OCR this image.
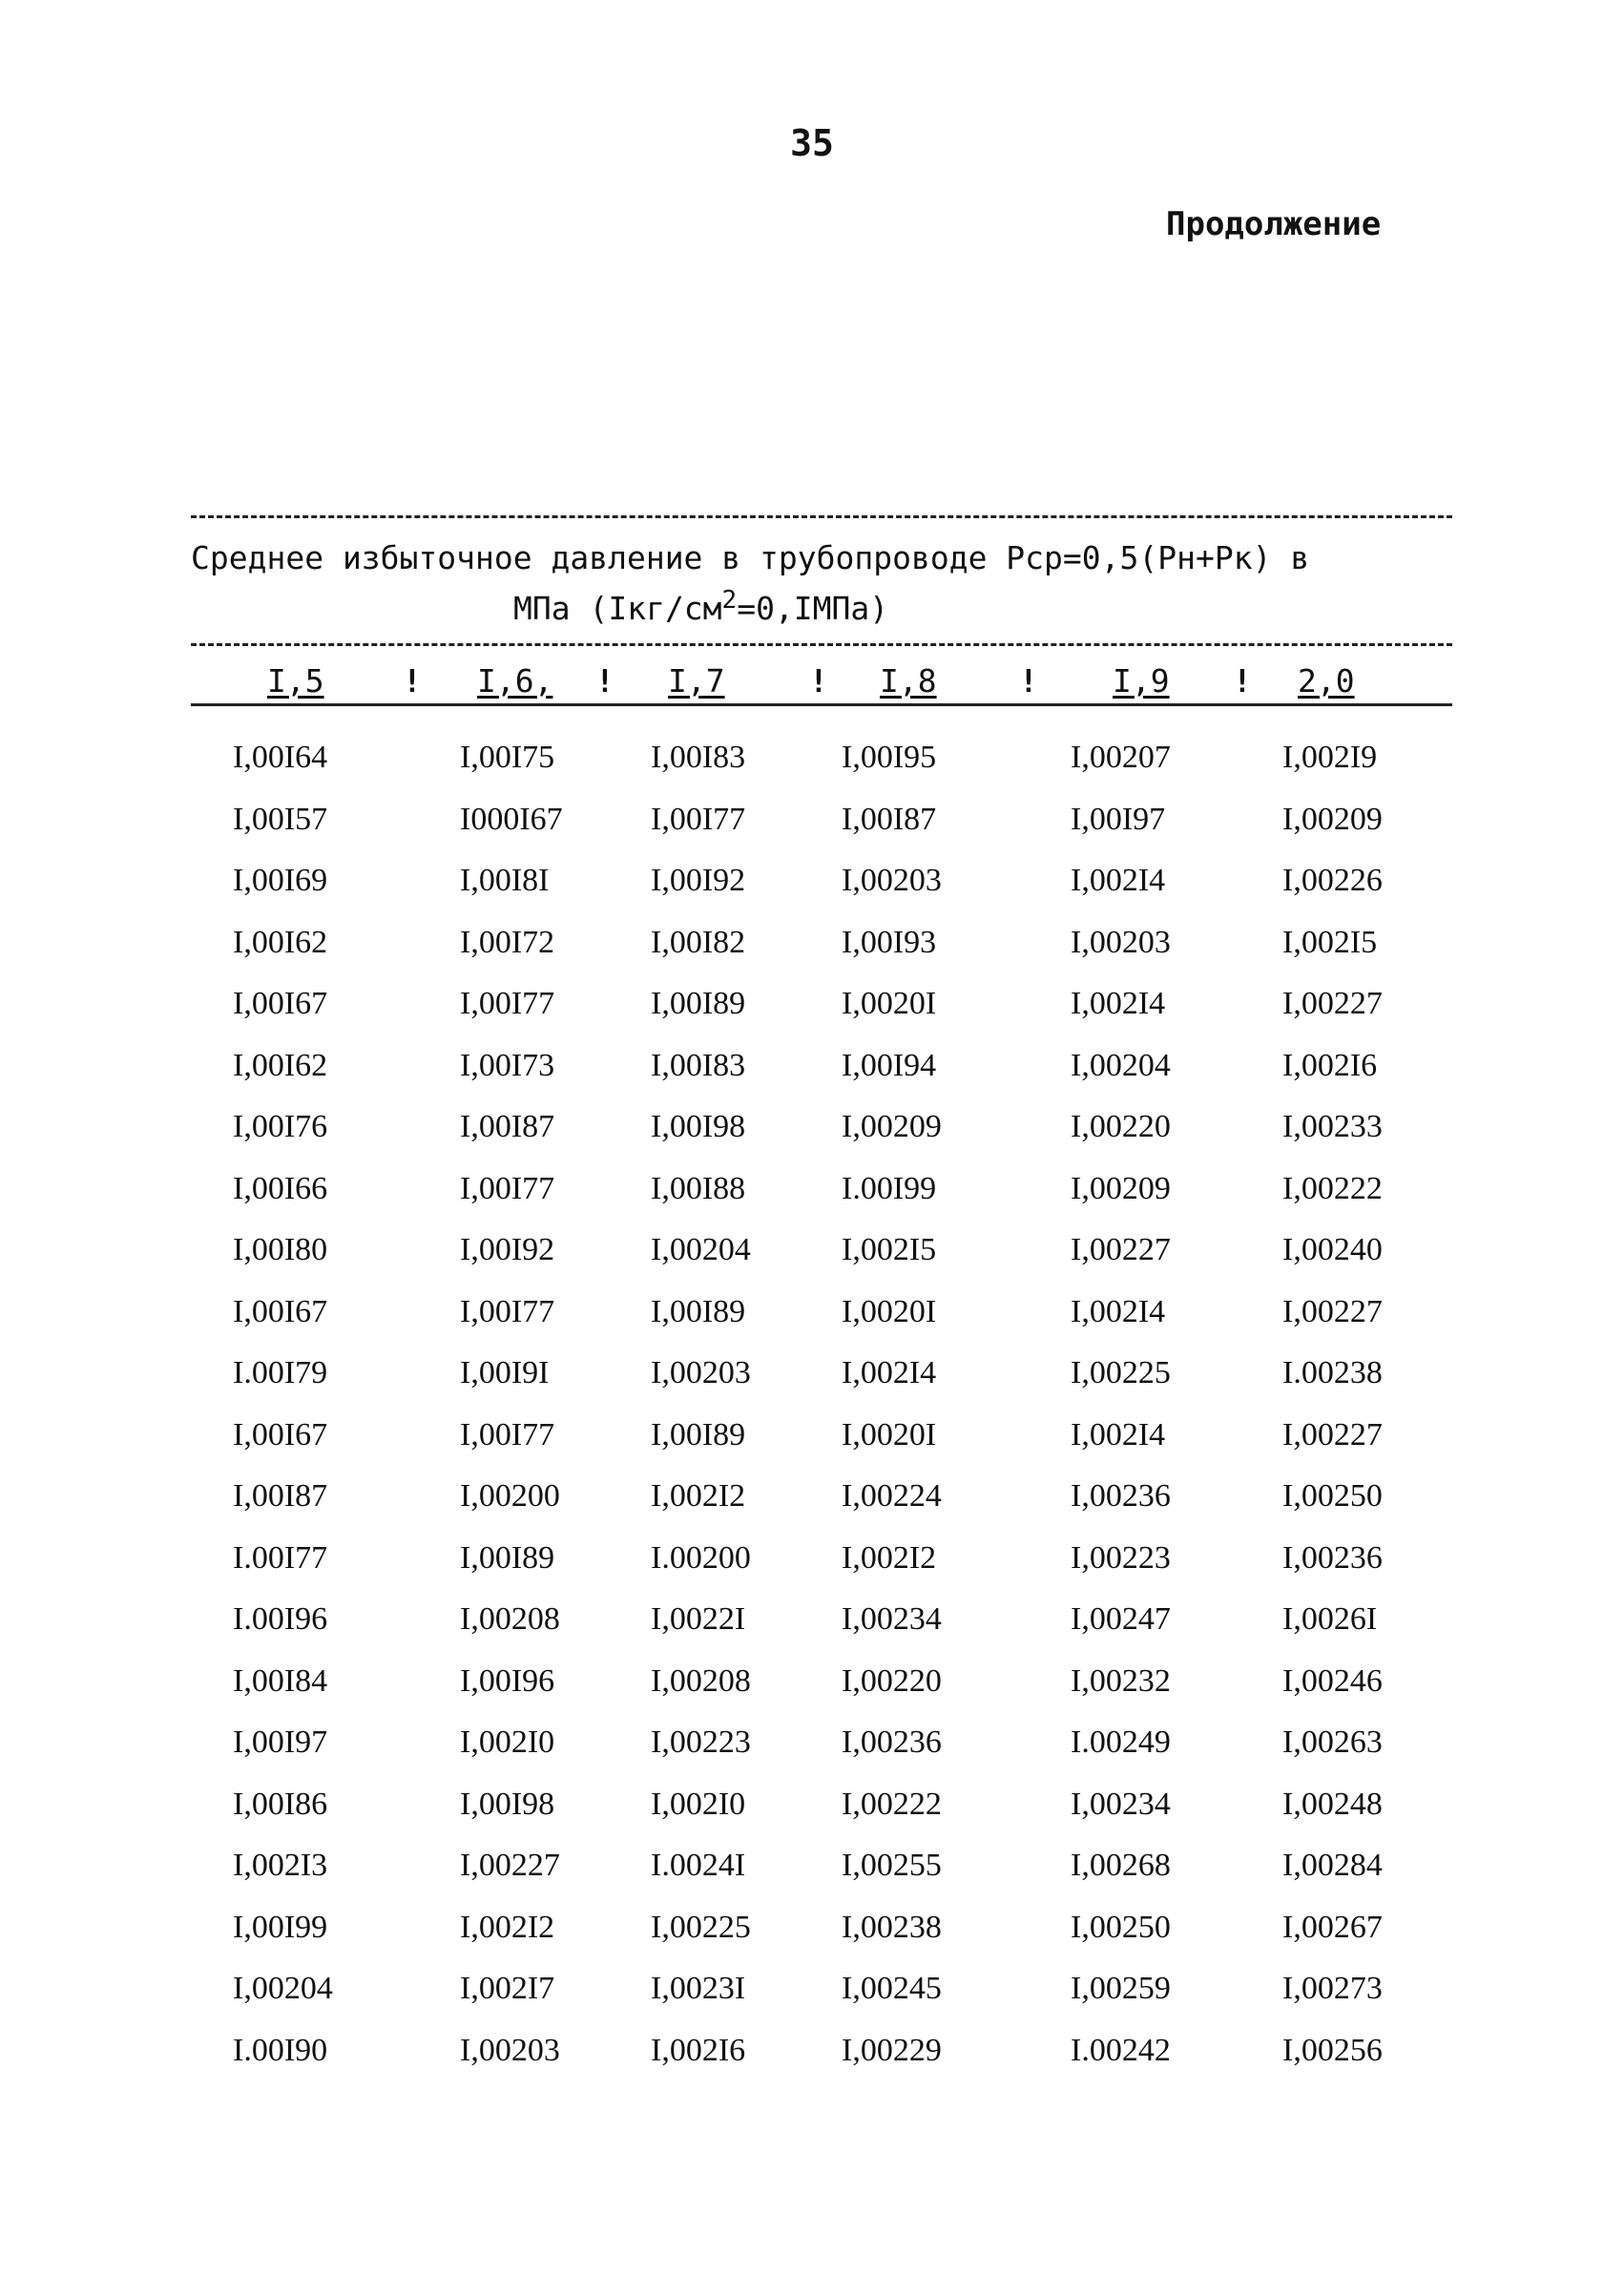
35
Продолжение
Среднее избыточное давление в трубопроводе Рср=0,5(Рн+Рк) в
МПа $(Iкг/см^2=0,IМПа)$
I,5 ! I,6, ! I,7	! I,8	! I,9 ! 2,0
I,00I64	I,00I75	I,00I83	I,00I95	I,00207	I,002I9
I,00I57	I000I67	I,00I77	I,00I87	I,00I97	I,00209
I,00I69	I,00I8I	I,00I92	I,00203	I,002I4	I,00226
I,00I62	I,00I72	I,00I82	I,00I93	I,00203	I,002I5
I,00I67	I,00I77	I,00I89	I,0020I	I,002I4	I,00227
I,00I62	I,00I73	I,00I83	I,00I94	I,00204	I,002I6
I,00I76	I,00I87	I,00I98	I,00209	I,00220	I,00233
I,00I66	I,00I77	I,00I88	I.00I99	I,00209	I,00222
I,00I80	I,00I92	I,00204	I,002I5	I,00227	I,00240
I,00I67	I,00I77	I,00I89	I,0020I	I,002I4	I,00227
I.00I79	I,00I9I	I,00203	I,002I4	I,00225	I.00238
I,00I67	I,00I77	I,00I89	I,0020I	I,002I4	I,00227
I,00I87	I,00200	I,002I2	I,00224	I,00236	I,00250
I.00I77	I,00I89	I.00200	I,002I2	I,00223	I,00236
I.00I96	I,00208	I,0022I	I,00234	I,00247	I,0026I
I,00I84	I,00I96	I,00208	I,00220	I,00232	I,00246
I,00I97	I,002I0	I,00223	I,00236	I.00249	I,00263
I,00I86	I,00I98	I,002I0	I,00222	I,00234	I,00248
I,002I3	I,00227	I.0024I	I,00255	I,00268	I,00284
I,00I99	I,002I2	I,00225	I,00238	I,00250	I,00267
I,00204	I,002I7	I,0023I	I,00245	I,00259	I,00273
I.00I90	I,00203	I,002I6	I,00229	I.00242	I,00256
